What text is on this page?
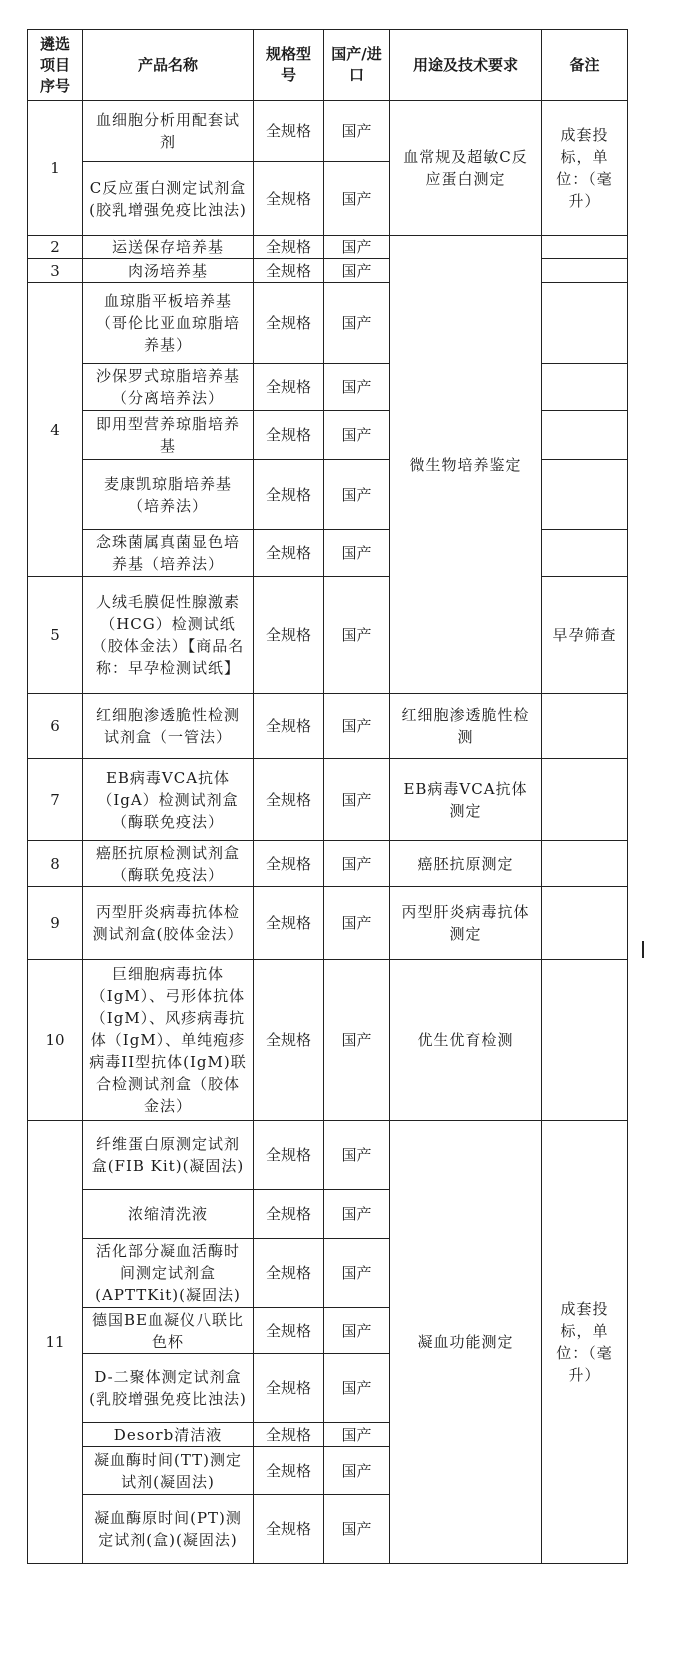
遴选项目序号	产品名称	规格型号	国产/进口	用途及技术要求	备注	
1	血细胞分析用配套试剂	全规格	国产	血常规及超敏C反应蛋白测定	成套投标，单位：（毫升）	
	C反应蛋白测定试剂盒(胶乳增强免疫比浊法)	全规格	国产			
2	运送保存培养基	全规格	国产	微生物培养鉴定		
3	肉汤培养基	全规格	国产			
4	血琼脂平板培养基（哥伦比亚血琼脂培养基）	全规格	国产			
	沙保罗式琼脂培养基（分离培养法）	全规格	国产			
	即用型营养琼脂培养基	全规格	国产			
	麦康凯琼脂培养基（培养法）	全规格	国产			
	念珠菌属真菌显色培养基（培养法）	全规格	国产			
5	人绒毛膜促性腺激素（HCG）检测试纸（胶体金法）【商品名称：早孕检测试纸】	全规格	国产		早孕筛查	
6	红细胞渗透脆性检测试剂盒（一管法）	全规格	国产	红细胞渗透脆性检测		
7	EB病毒VCA抗体（IgA）检测试剂盒（酶联免疫法）	全规格	国产	EB病毒VCA抗体测定		
8	癌胚抗原检测试剂盒（酶联免疫法）	全规格	国产	癌胚抗原测定		
9	丙型肝炎病毒抗体检测试剂盒(胶体金法）	全规格	国产	丙型肝炎病毒抗体测定		
10	巨细胞病毒抗体（IgM）、弓形体抗体（IgM）、风疹病毒抗体（IgM）、单纯疱疹病毒II型抗体(IgM)联合检测试剂盒（胶体金法）	全规格	国产	优生优育检测		
11	纤维蛋白原测定试剂盒(FIB Kit)(凝固法)	全规格	国产	凝血功能测定	成套投标，单位：（毫升）	
	浓缩清洗液	全规格	国产			
	活化部分凝血活酶时间测定试剂盒(APTTKit)(凝固法)	全规格	国产			
	德国BE血凝仪八联比色杯	全规格	国产			
	D-二聚体测定试剂盒(乳胶增强免疫比浊法)	全规格	国产			
	Desorb清洁液	全规格	国产			
	凝血酶时间(TT)测定试剂(凝固法)	全规格	国产			
	凝血酶原时间(PT)测定试剂(盒)(凝固法)	全规格	国产			
